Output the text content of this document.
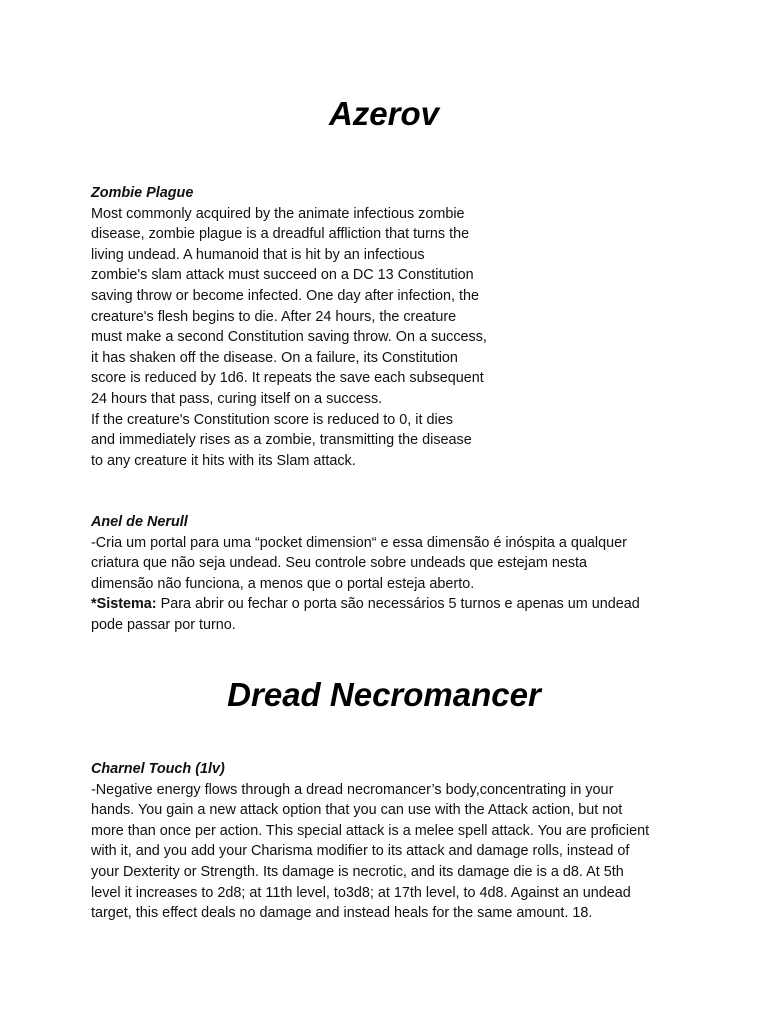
Azerov
Zombie Plague
Most commonly acquired by the animate infectious zombie
disease, zombie plague is a dreadful affliction that turns the
living undead. A humanoid that is hit by an infectious
zombie's slam attack must succeed on a DC 13 Constitution
saving throw or become infected. One day after infection, the
creature's flesh begins to die. After 24 hours, the creature
must make a second Constitution saving throw. On a success,
it has shaken off the disease. On a failure, its Constitution
score is reduced by 1d6. It repeats the save each subsequent
24 hours that pass, curing itself on a success.
If the creature's Constitution score is reduced to 0, it dies
and immediately rises as a zombie, transmitting the disease
to any creature it hits with its Slam attack.
Anel de Nerull
-Cria um portal para uma “pocket dimension“ e essa dimensão é inóspita a qualquer
criatura que não seja undead. Seu controle sobre undeads que estejam nesta
dimensão não funciona, a menos que o portal esteja aberto.
*Sistema: Para abrir ou fechar o porta são necessários 5 turnos e apenas um undead
pode passar por turno.
Dread Necromancer
Charnel Touch (1lv)
-Negative energy flows through a dread necromancer’s body,concentrating in your
hands. You gain a new attack option that you can use with the Attack action, but not
more than once per action. This special attack is a melee spell attack. You are proficient
with it, and you add your Charisma modifier to its attack and damage rolls, instead of
your Dexterity or Strength. Its damage is necrotic, and its damage die is a d8. At 5th
level it increases to 2d8; at 11th level, to3d8; at 17th level, to 4d8. Against an undead
target, this effect deals no damage and instead heals for the same amount. 18.
